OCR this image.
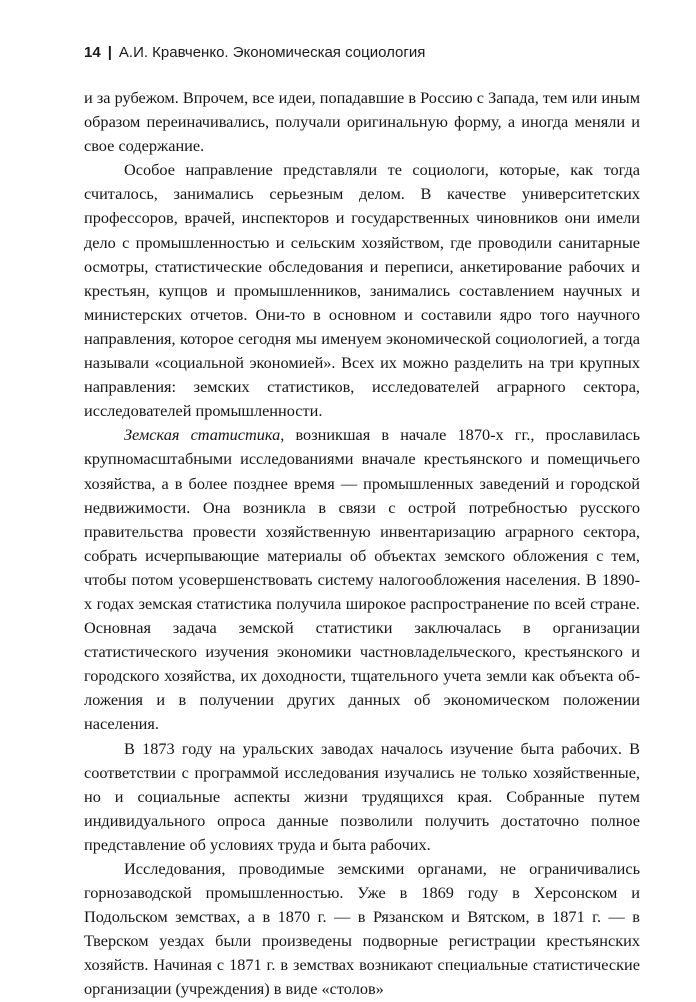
14 | А.И. Кравченко. Экономическая социология

и за рубежом. Впрочем, все идеи, попадавшие в Россию с Запада, тем или иным образом переиначивались, получали оригинальную форму, а иногда меняли и свое содержание.

Особое направление представляли те социологи, которые, как тогда считалось, занимались серьезным делом. В качестве университетских профессоров, врачей, инспекторов и государственных чиновников они имели дело с промышленностью и сельским хозяйством, где проводили санитарные осмотры, статистические обследования и переписи, анкетирование рабочих и крестьян, купцов и промышленников, занимались составлением научных и министерских отчетов. Они-то в основном и составили ядро того научного направления, которое сегодня мы именуем экономической социологией, а тогда называли «социальной экономией». Всех их можно разделить на три крупных направления: земских статистиков, исследователей аграрного сектора, исследователей промышленности.

Земская статистика, возникшая в начале 1870-х гг., прославилась крупномасштабными исследованиями вначале крестьянского и помещичьего хозяйства, а в более позднее время — промышленных заведений и городской недвижимости. Она возникла в связи с острой потребностью русского правительства провести хозяйственную инвентаризацию аграрного сектора, собрать исчерпывающие материалы об объектах земского обложения с тем, чтобы потом усовершенствовать систему налогообложения населения. В 1890-х годах земская статистика получила широкое распространение по всей стране. Основная задача земской статистики заключалась в организации статистического изучения экономики частновладельческого, крестьянского и городского хозяйства, их доходности, тщательного учета земли как объекта обложения и в получении других данных об экономическом положении населения.

В 1873 году на уральских заводах началось изучение быта рабочих. В соответствии с программой исследования изучались не только хозяйственные, но и социальные аспекты жизни трудящихся края. Собранные путем индивидуального опроса данные позволили получить достаточно полное представление об условиях труда и быта рабочих.

Исследования, проводимые земскими органами, не ограничивались горнозаводской промышленностью. Уже в 1869 году в Херсонском и Подольском земствах, а в 1870 г. — в Рязанском и Вятском, в 1871 г. — в Тверском уездах были произведены подворные регистрации крестьянских хозяйств. Начиная с 1871 г. в земствах возникают специальные статистические организации (учреждения) в виде «столов»
